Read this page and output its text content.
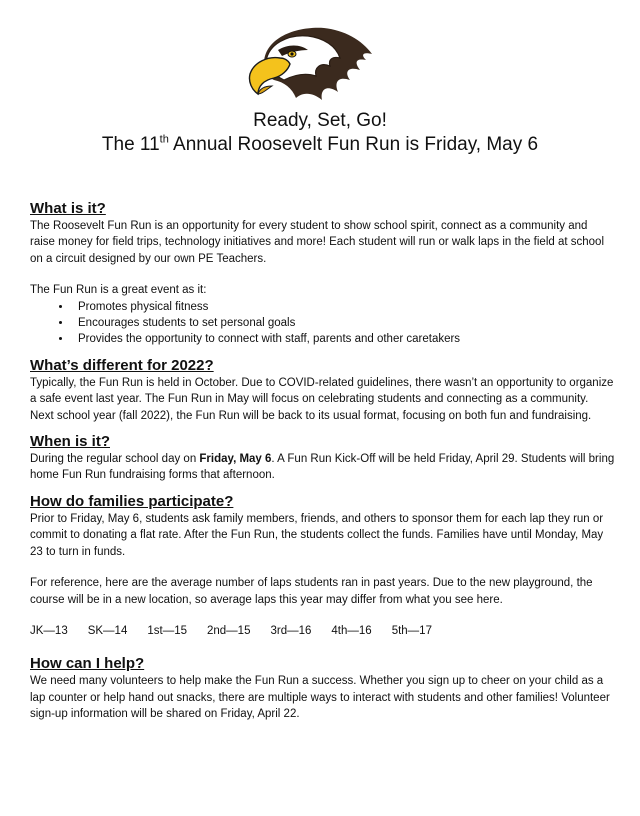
Ready, Set, Go!
The 11th Annual Roosevelt Fun Run is Friday, May 6
What is it?

The Roosevelt Fun Run is an opportunity for every student to show school spirit, connect as a community and raise money for field trips, technology initiatives and more! Each student will run or walk laps in the field at school on a circuit designed by our own PE Teachers.

The Fun Run is a great event as it:

• Promotes physical fitness
• Encourages students to set personal goals
• Provides the opportunity to connect with staff, parents and other caretakers
What’s different for 2022?

Typically, the Fun Run is held in October. Due to COVID-related guidelines, there wasn’t an opportunity to organize a safe event last year. The Fun Run in May will focus on celebrating students and connecting as a community. Next school year (fall 2022), the Fun Run will be back to its usual format, focusing on both fun and fundraising.

When is it?

During the regular school day on Friday, May 6. A Fun Run Kick-Off will be held Friday, April 29. Students will bring home Fun Run fundraising forms that afternoon.

How do families participate?

Prior to Friday, May 6, students ask family members, friends, and others to sponsor them for each lap they run or commit to donating a flat rate. After the Fun Run, the students collect the funds. Families have until Monday, May 23 to turn in funds.

For reference, here are the average number of laps students ran in past years. Due to the new playground, the course will be in a new location, so average laps this year may differ from what you see here.

JK—13 SK—14 1st—15 2nd—15 3rd—16 4th—16 5th—17
How can I help?

We need many volunteers to help make the Fun Run a success. Whether you sign up to cheer on your child as a lap counter or help hand out snacks, there are multiple ways to interact with students and other families! Volunteer sign-up information will be shared on Friday, April 22.
